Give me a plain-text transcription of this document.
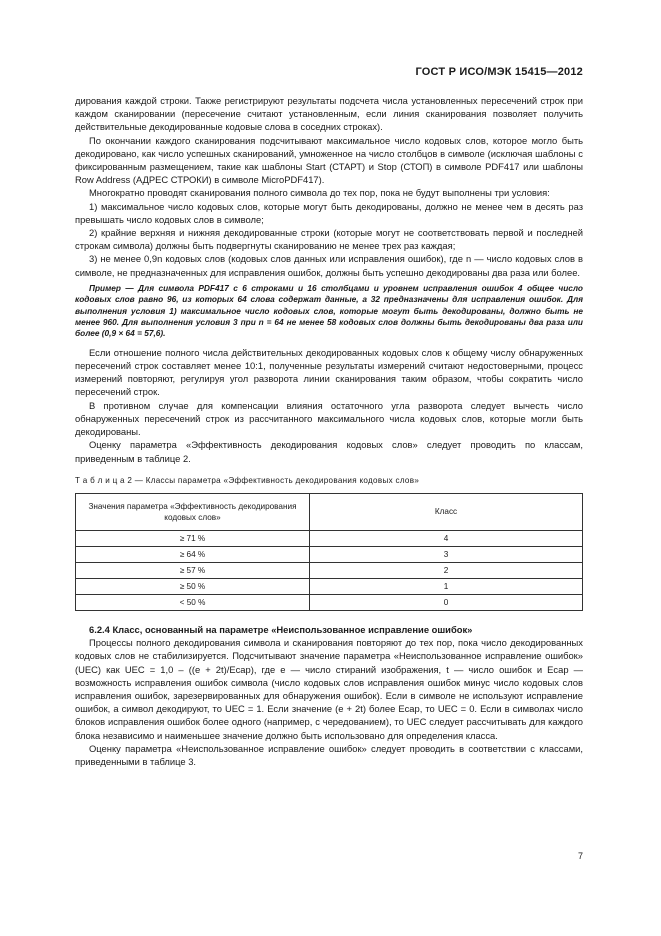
ГОСТ Р ИСО/МЭК 15415—2012

дирования каждой строки. Также регистрируют результаты подсчета числа установленных пересечений строк при каждом сканировании (пересечение считают установленным, если линия сканирования позволяет получить действительные декодированные кодовые слова в соседних строках).

По окончании каждого сканирования подсчитывают максимальное число кодовых слов, которое могло быть декодировано, как число успешных сканирований, умноженное на число столбцов в символе (исключая шаблоны с фиксированным размещением, такие как шаблоны Start (СТАРТ) и Stop (СТОП) в символе PDF417 или шаблоны Row Address (АДРЕС СТРОКИ) в символе MicroPDF417).

Многократно проводят сканирования полного символа до тех пор, пока не будут выполнены три условия:

1) максимальное число кодовых слов, которые могут быть декодированы, должно не менее чем в десять раз превышать число кодовых слов в символе;

2) крайние верхняя и нижняя декодированные строки (которые могут не соответствовать первой и последней строкам символа) должны быть подвергнуты сканированию не менее трех раз каждая;

3) не менее 0,9n кодовых слов (кодовых слов данных или исправления ошибок), где n — число кодовых слов в символе, не предназначенных для исправления ошибок, должны быть успешно декодированы два раза или более.

Пример — Для символа PDF417 с 6 строками и 16 столбцами и уровнем исправления ошибок 4 общее число кодовых слов равно 96, из которых 64 слова содержат данные, а 32 предназначены для исправления ошибок. Для выполнения условия 1) максимальное число кодовых слов, которые могут быть декодированы, должно быть не менее 960. Для выполнения условия 3 при n = 64 не менее 58 кодовых слов должны быть декодированы два раза или более (0,9 × 64 = 57,6).

Если отношение полного числа действительных декодированных кодовых слов к общему числу обнаруженных пересечений строк составляет менее 10:1, полученные результаты измерений считают недостоверными, процесс измерений повторяют, регулируя угол разворота линии сканирования таким образом, чтобы сократить число пересечений строк.

В противном случае для компенсации влияния остаточного угла разворота следует вычесть число обнаруженных пересечений строк из рассчитанного максимального числа кодовых слов, которые могли быть декодированы.

Оценку параметра «Эффективность декодирования кодовых слов» следует проводить по классам, приведенным в таблице 2.

Т а б л и ц а 2 — Классы параметра «Эффективность декодирования кодовых слов»

Значения параметра «Эффективность декодирования кодовых слов»	Класс
≥ 71 %	4
≥ 64 %	3
≥ 57 %	2
≥ 50 %	1
< 50 %	0

6.2.4 Класс, основанный на параметре «Неиспользованное исправление ошибок»

Процессы полного декодирования символа и сканирования повторяют до тех пор, пока число декодированных кодовых слов не стабилизируется. Подсчитывают значение параметра «Неиспользованное исправление ошибок» (UEC) как UEC = 1,0 – ((e + 2t)/Eсар), где e — число стираний изображения, t — число ошибок и Eсар — возможность исправления ошибок символа (число кодовых слов исправления ошибок минус число кодовых слов исправления ошибок, зарезервированных для обнаружения ошибок). Если в символе не используют исправление ошибок, а символ декодируют, то UEC = 1. Если значение (e + 2t) более Eсар, то UEC = 0. Если в символах число блоков исправления ошибок более одного (например, с чередованием), то UEC следует рассчитывать для каждого блока независимо и наименьшее значение должно быть использовано для определения класса.

Оценку параметра «Неиспользованное исправление ошибок» следует проводить в соответствии с классами, приведенными в таблице 3.

7
